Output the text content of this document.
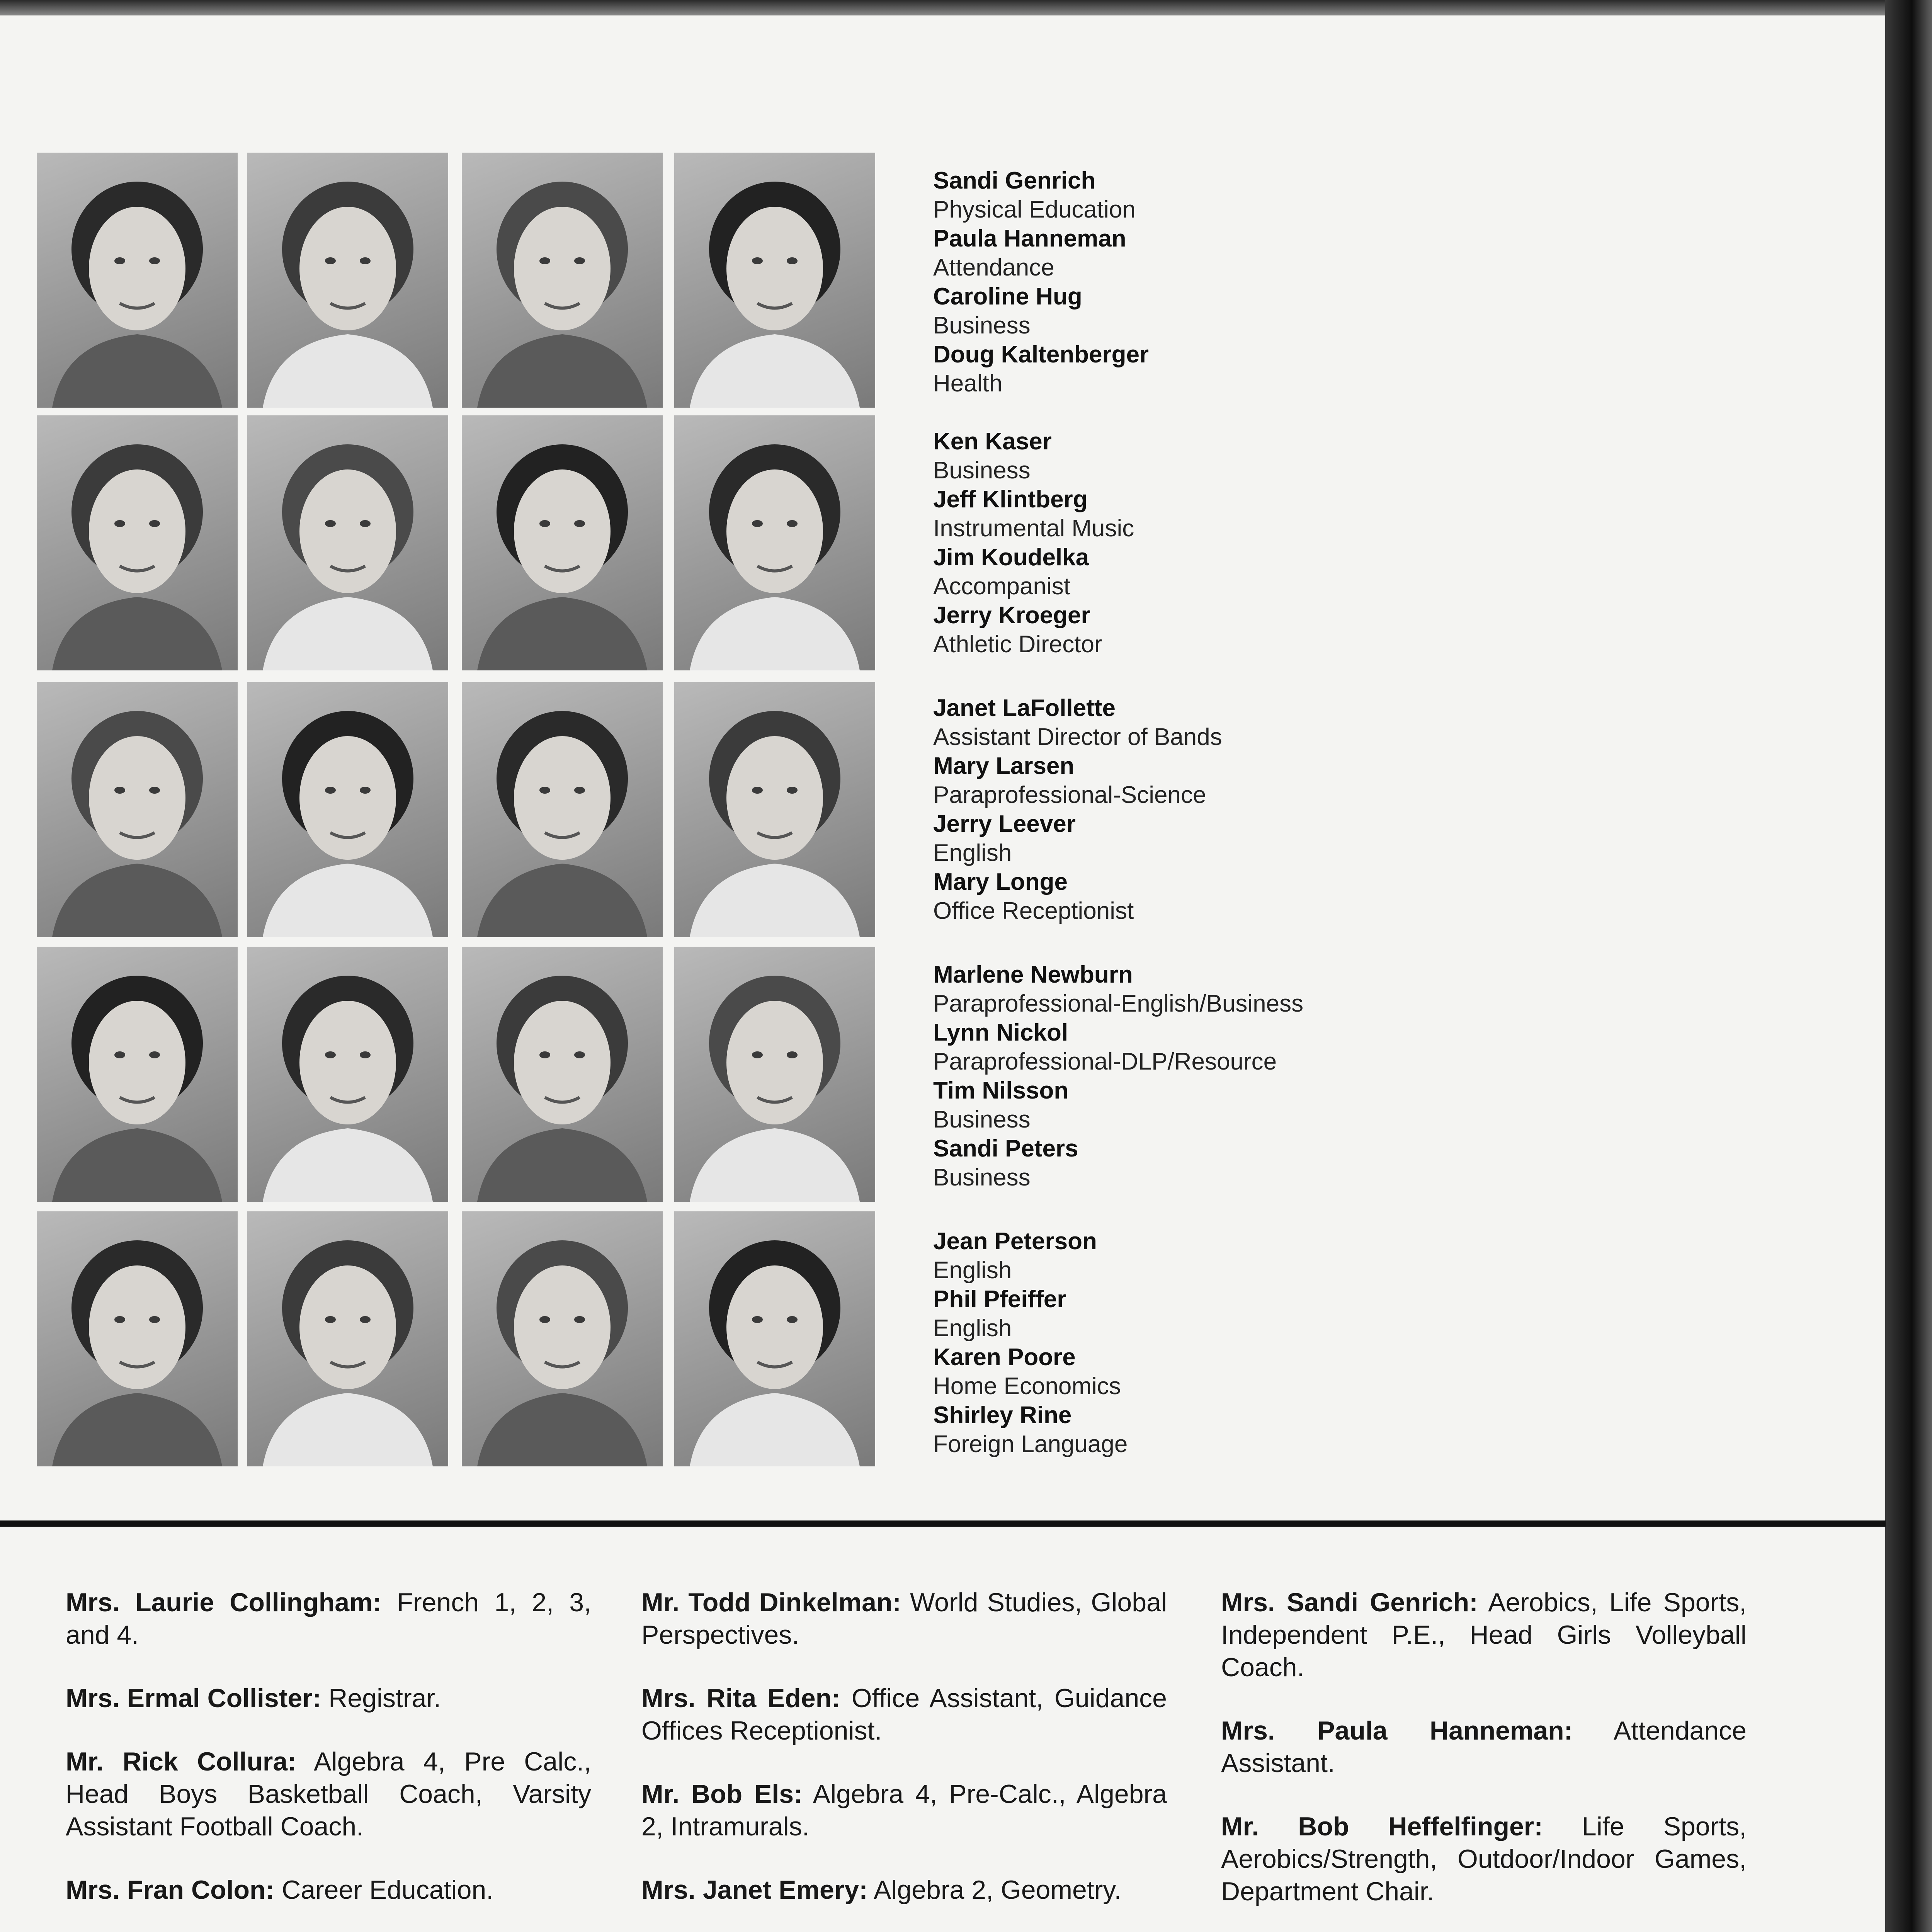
Sandi Genrich
Physical Education
Paula Hanneman
Attendance
Caroline Hug
Business
Doug Kaltenberger
Health
Ken Kaser
Business
Jeff Klintberg
Instrumental Music
Jim Koudelka
Accompanist
Jerry Kroeger
Athletic Director
Janet LaFollette
Assistant Director of Bands
Mary Larsen
Paraprofessional-Science
Jerry Leever
English
Mary Longe
Office Receptionist
Marlene Newburn
Paraprofessional-English/Business
Lynn Nickol
Paraprofessional-DLP/Resource
Tim Nilsson
Business
Sandi Peters
Business
Jean Peterson
English
Phil Pfeiffer
English
Karen Poore
Home Economics
Shirley Rine
Foreign Language
Mrs. Laurie Collingham: French 1, 2, 3, and 4.
Mrs. Ermal Collister: Registrar.
Mr. Rick Collura: Algebra 4, Pre Calc., Head Boys Basketball Coach, Varsity Assistant Football Coach.
Mrs. Fran Colon: Career Education.
Mr. Todd Dinkelman: World Studies, Global Perspectives.
Mrs. Rita Eden: Office Assistant, Guidance Offices Receptionist.
Mr. Bob Els: Algebra 4, Pre-Calc., Algebra 2, Intramurals.
Mrs. Janet Emery: Algebra 2, Geometry.
Mrs. Sandi Genrich: Aerobics, Life Sports, Independent P.E., Head Girls Volleyball Coach.
Mrs. Paula Hanneman: Attendance Assistant.
Mr. Bob Heffelfinger: Life Sports, Aerobics/Strength, Outdoor/Indoor Games, Department Chair.
